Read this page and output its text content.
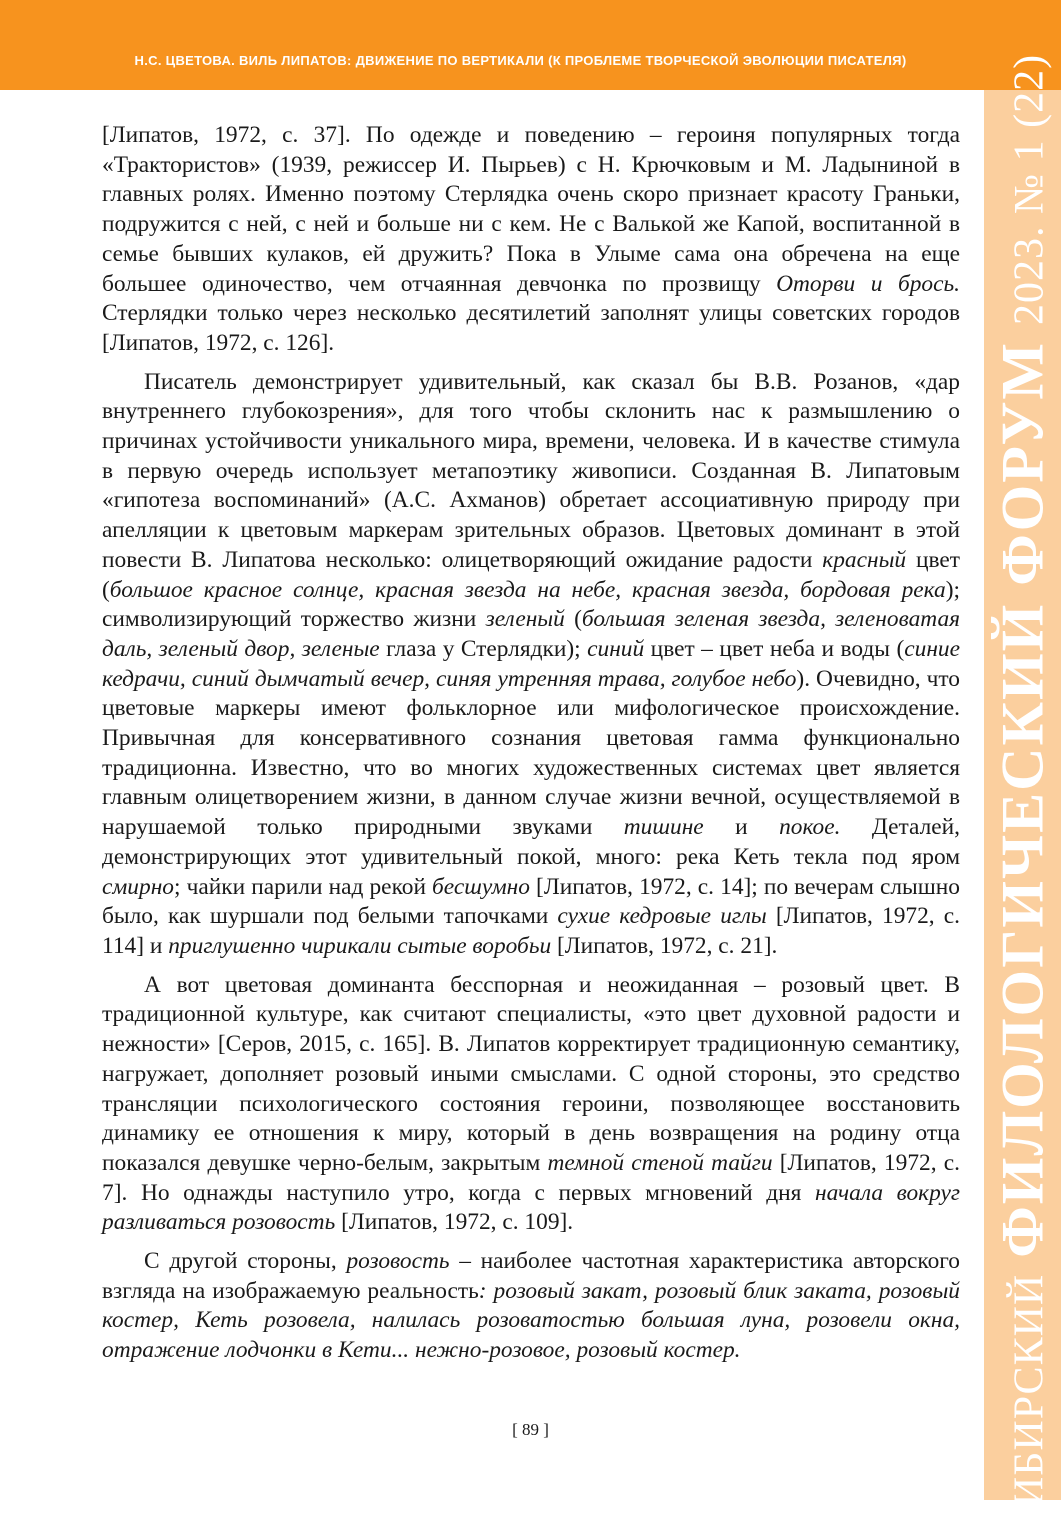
Н.С. ЦВЕТОВА. ВИЛЬ ЛИПАТОВ: ДВИЖЕНИЕ ПО ВЕРТИКАЛИ (К ПРОБЛЕМЕ ТВОРЧЕСКОЙ ЭВОЛЮЦИИ ПИСАТЕЛЯ)
СИБИРСКИЙ
ФИЛОЛОГИЧЕСКИЙ ФОРУМ
2023. № 1 (22)

[Липатов, 1972, с. 37]. По одежде и поведению – героиня популярных тогда «Трактористов» (1939, режиссер И. Пырьев) с Н. Крючковым и М. Ладыниной в главных ролях. Именно поэтому Стерлядка очень скоро признает красоту Граньки, подружится с ней, с ней и больше ни с кем. Не с Валькой же Капой, воспитанной в семье бывших кулаков, ей дружить? Пока в Улыме сама она обречена на еще большее одиночество, чем отчаянная девчонка по прозвищу Оторви и брось. Стерлядки только через несколько десятилетий заполнят улицы советских городов [Липатов, 1972, с. 126].

Писатель демонстрирует удивительный, как сказал бы В.В. Розанов, «дар внутреннего глубокозрения», для того чтобы склонить нас к размышлению о причинах устойчивости уникального мира, времени, человека. И в качестве стимула в первую очередь использует метапоэтику живописи. Созданная В. Липатовым «гипотеза воспоминаний» (А.С. Ахманов) обретает ассоциативную природу при апелляции к цветовым маркерам зрительных образов. Цветовых доминант в этой повести В. Липатова несколько: олицетворяющий ожидание радости красный цвет (большое красное солнце, красная звезда на небе, красная звезда, бордовая река); символизирующий торжество жизни зеленый (большая зеленая звезда, зеленоватая даль, зеленый двор, зеленые глаза у Стерлядки); синий цвет – цвет неба и воды (синие кедрачи, синий дымчатый вечер, синяя утренняя трава, голубое небо). Очевидно, что цветовые маркеры имеют фольклорное или мифологическое происхождение. Привычная для консервативного сознания цветовая гамма функционально традиционна. Известно, что во многих художественных системах цвет является главным олицетворением жизни, в данном случае жизни вечной, осуществляемой в нарушаемой только природными звуками тишине и покое. Деталей, демонстрирующих этот удивительный покой, много: река Кеть текла под яром смирно; чайки парили над рекой бесшумно [Липатов, 1972, с. 14]; по вечерам слышно было, как шуршали под белыми тапочками сухие кедровые иглы [Липатов, 1972, с. 114] и приглушенно чирикали сытые воробьи [Липатов, 1972, с. 21].

А вот цветовая доминанта бесспорная и неожиданная – розовый цвет. В традиционной культуре, как считают специалисты, «это цвет духовной радости и нежности» [Серов, 2015, с. 165]. В. Липатов корректирует традиционную семантику, нагружает, дополняет розовый иными смыслами. С одной стороны, это средство трансляции психологического состояния героини, позволяющее восстановить динамику ее отношения к миру, который в день возвращения на родину отца показался девушке черно-белым, закрытым темной стеной тайги [Липатов, 1972, с. 7]. Но однажды наступило утро, когда с первых мгновений дня начала вокруг разливаться розовость [Липатов, 1972, с. 109].

С другой стороны, розовость – наиболее частотная характеристика авторского взгляда на изображаемую реальность: розовый закат, розовый блик заката, розовый костер, Кеть розовела, налилась розоватостью большая луна, розовели окна, отражение лодчонки в Кети... нежно-розовое, розовый костер.

[ 89 ]
